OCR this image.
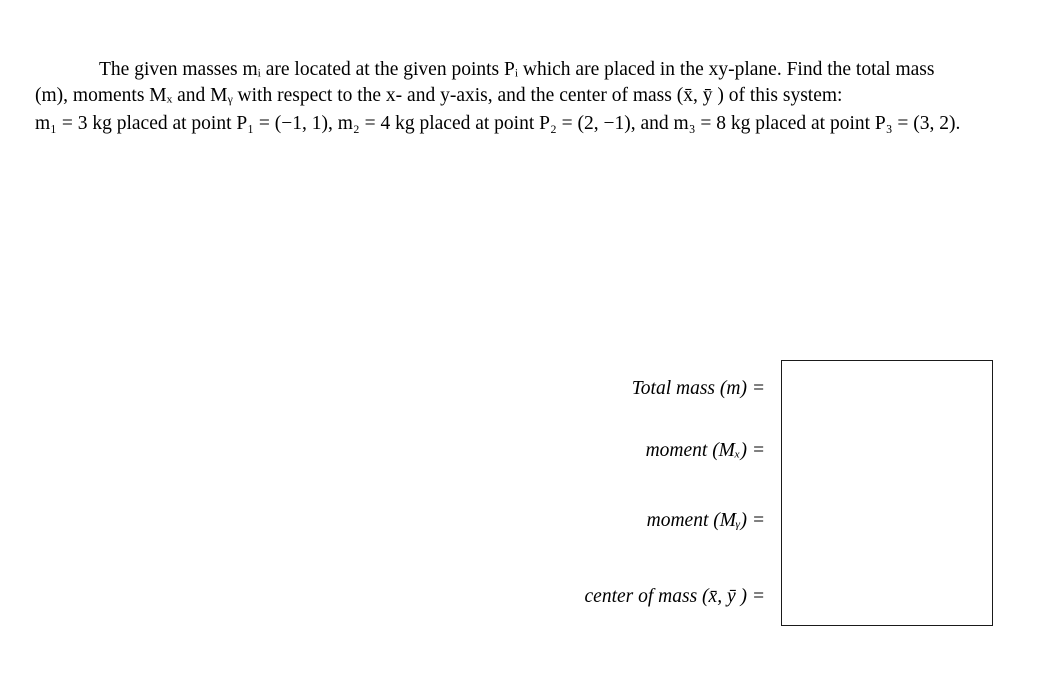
The given masses mᵢ are located at the given points Pᵢ which are placed in the xy-plane. Find the total mass
(m), moments Mₓ and Mᵧ with respect to the x- and y-axis, and the center of mass (x̄, ȳ ) of this system:
m₁ = 3 kg placed at point P₁ = (−1, 1), m₂ = 4 kg placed at point P₂ = (2, −1), and m₃ = 8 kg placed at point P₃ = (3, 2).
Total mass (m) =
moment (Mₓ) =
moment (Mᵧ) =
center of mass (x̄, ȳ ) =
